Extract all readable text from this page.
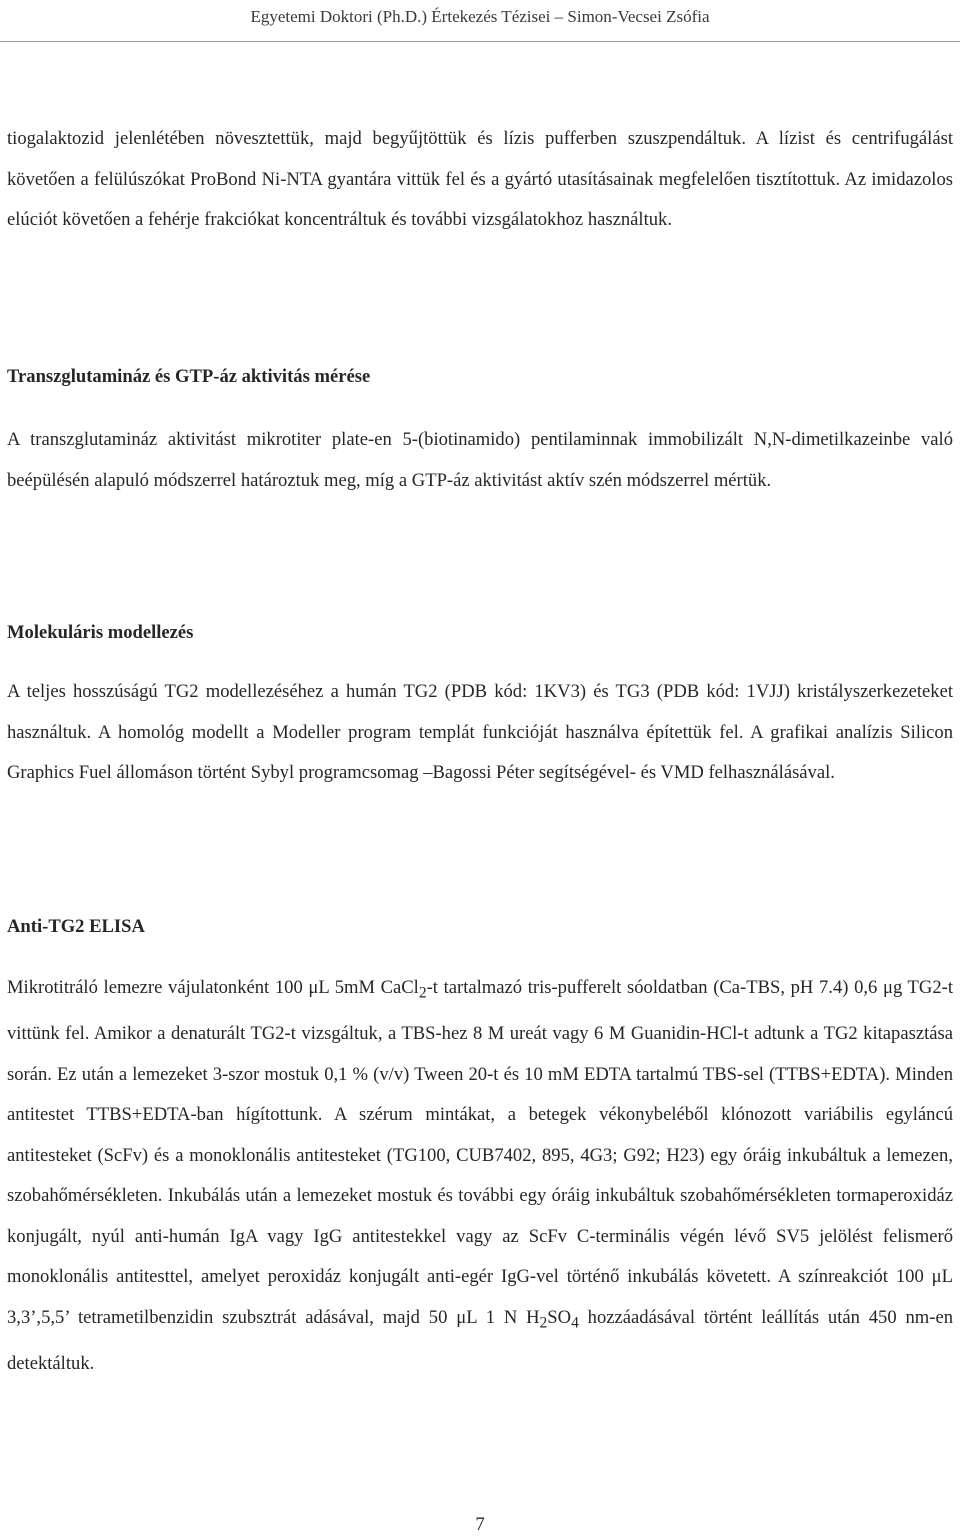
Egyetemi Doktori (Ph.D.) Értekezés Tézisei – Simon-Vecsei Zsófia

tiogalaktozid jelenlétében növesztettük, majd begyűjtöttük és lízis pufferben szuszpendáltuk. A lízist és centrifugálást követően a felülúszókat ProBond Ni-NTA gyantára vittük fel és a gyártó utasításainak megfelelően tisztítottuk. Az imidazolos elúciót követően a fehérje frakciókat koncentráltuk és további vizsgálatokhoz használtuk.

Transzglutamináz és GTP-áz aktivitás mérése

A transzglutamináz aktivitást mikrotiter plate-en 5-(biotinamido) pentilaminnak immobilizált N,N-dimetilkazeinbe való beépülésén alapuló módszerrel határoztuk meg, míg a GTP-áz aktivitást aktív szén módszerrel mértük.

Molekuláris modellezés

A teljes hosszúságú TG2 modellezéséhez a humán TG2 (PDB kód: 1KV3) és TG3 (PDB kód: 1VJJ) kristályszerkezeteket használtuk. A homológ modellt a Modeller program templát funkcióját használva építettük fel. A grafikai analízis Silicon Graphics Fuel állomáson történt Sybyl programcsomag –Bagossi Péter segítségével- és VMD felhasználásával.

Anti-TG2 ELISA

Mikrotitráló lemezre vájulatonként 100 μL 5mM CaCl$_2$-t tartalmazó tris-pufferelt sóoldatban (Ca-TBS, pH 7.4) 0,6 μg TG2-t vittünk fel. Amikor a denaturált TG2-t vizsgáltuk, a TBS-hez 8 M ureát vagy 6 M Guanidin-HCl-t adtunk a TG2 kitapasztása során. Ez után a lemezeket 3-szor mostuk 0,1 % (v/v) Tween 20-t és 10 mM EDTA tartalmú TBS-sel (TTBS+EDTA). Minden antitestet TTBS+EDTA-ban hígítottunk. A szérum mintákat, a betegek vékonybeléből klónozott variábilis egyláncú antitesteket (ScFv) és a monoklonális antitesteket (TG100, CUB7402, 895, 4G3; G92; H23) egy óráig inkubáltuk a lemezen, szobahőmérsékleten. Inkubálás után a lemezeket mostuk és további egy óráig inkubáltuk szobahőmérsékleten tormaperoxidáz konjugált, nyúl anti-humán IgA vagy IgG antitestekkel vagy az ScFv C-terminális végén lévő SV5 jelölést felismerő monoklonális antitesttel, amelyet peroxidáz konjugált anti-egér IgG-vel történő inkubálás követett. A színreakciót 100 μL 3,3’,5,5’ tetrametilbenzidin szubsztrát adásával, majd 50 μL 1 N $H_2SO_4$ hozzáadásával történt leállítás után 450 nm-en detektáltuk.

7
